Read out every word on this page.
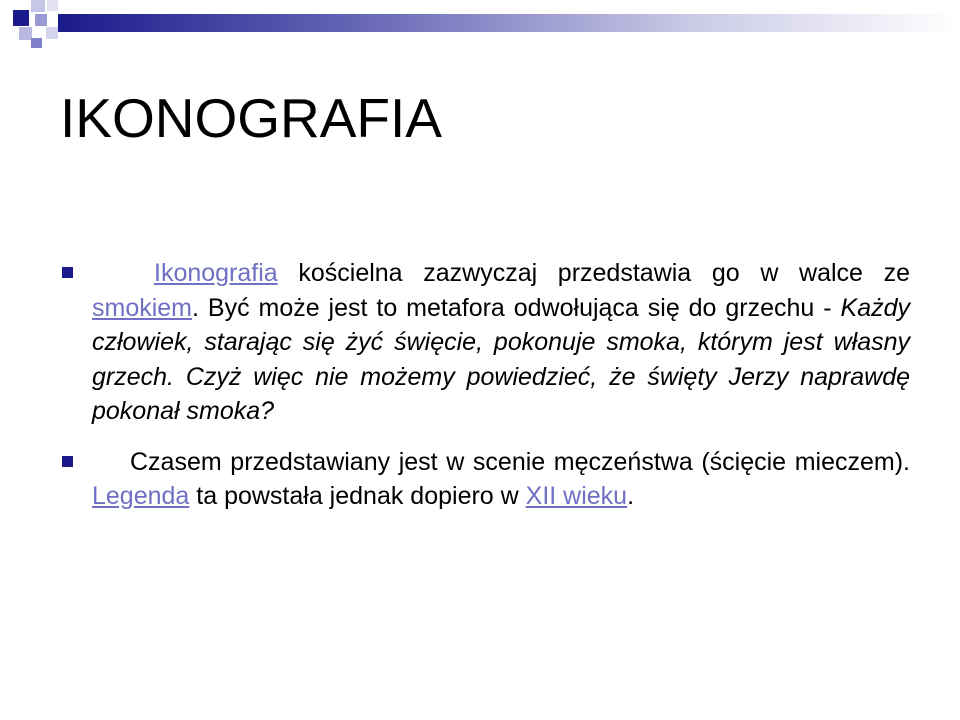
IKONOGRAFIA

Ikonografia kościelna zazwyczaj przedstawia go w walce ze smokiem. Być może jest to metafora odwołująca się do grzechu - Każdy człowiek, starając się żyć święcie, pokonuje smoka, którym jest własny grzech. Czyż więc nie możemy powiedzieć, że święty Jerzy naprawdę pokonał smoka?

Czasem przedstawiany jest w scenie męczeństwa (ścięcie mieczem). Legenda ta powstała jednak dopiero w XII wieku.
